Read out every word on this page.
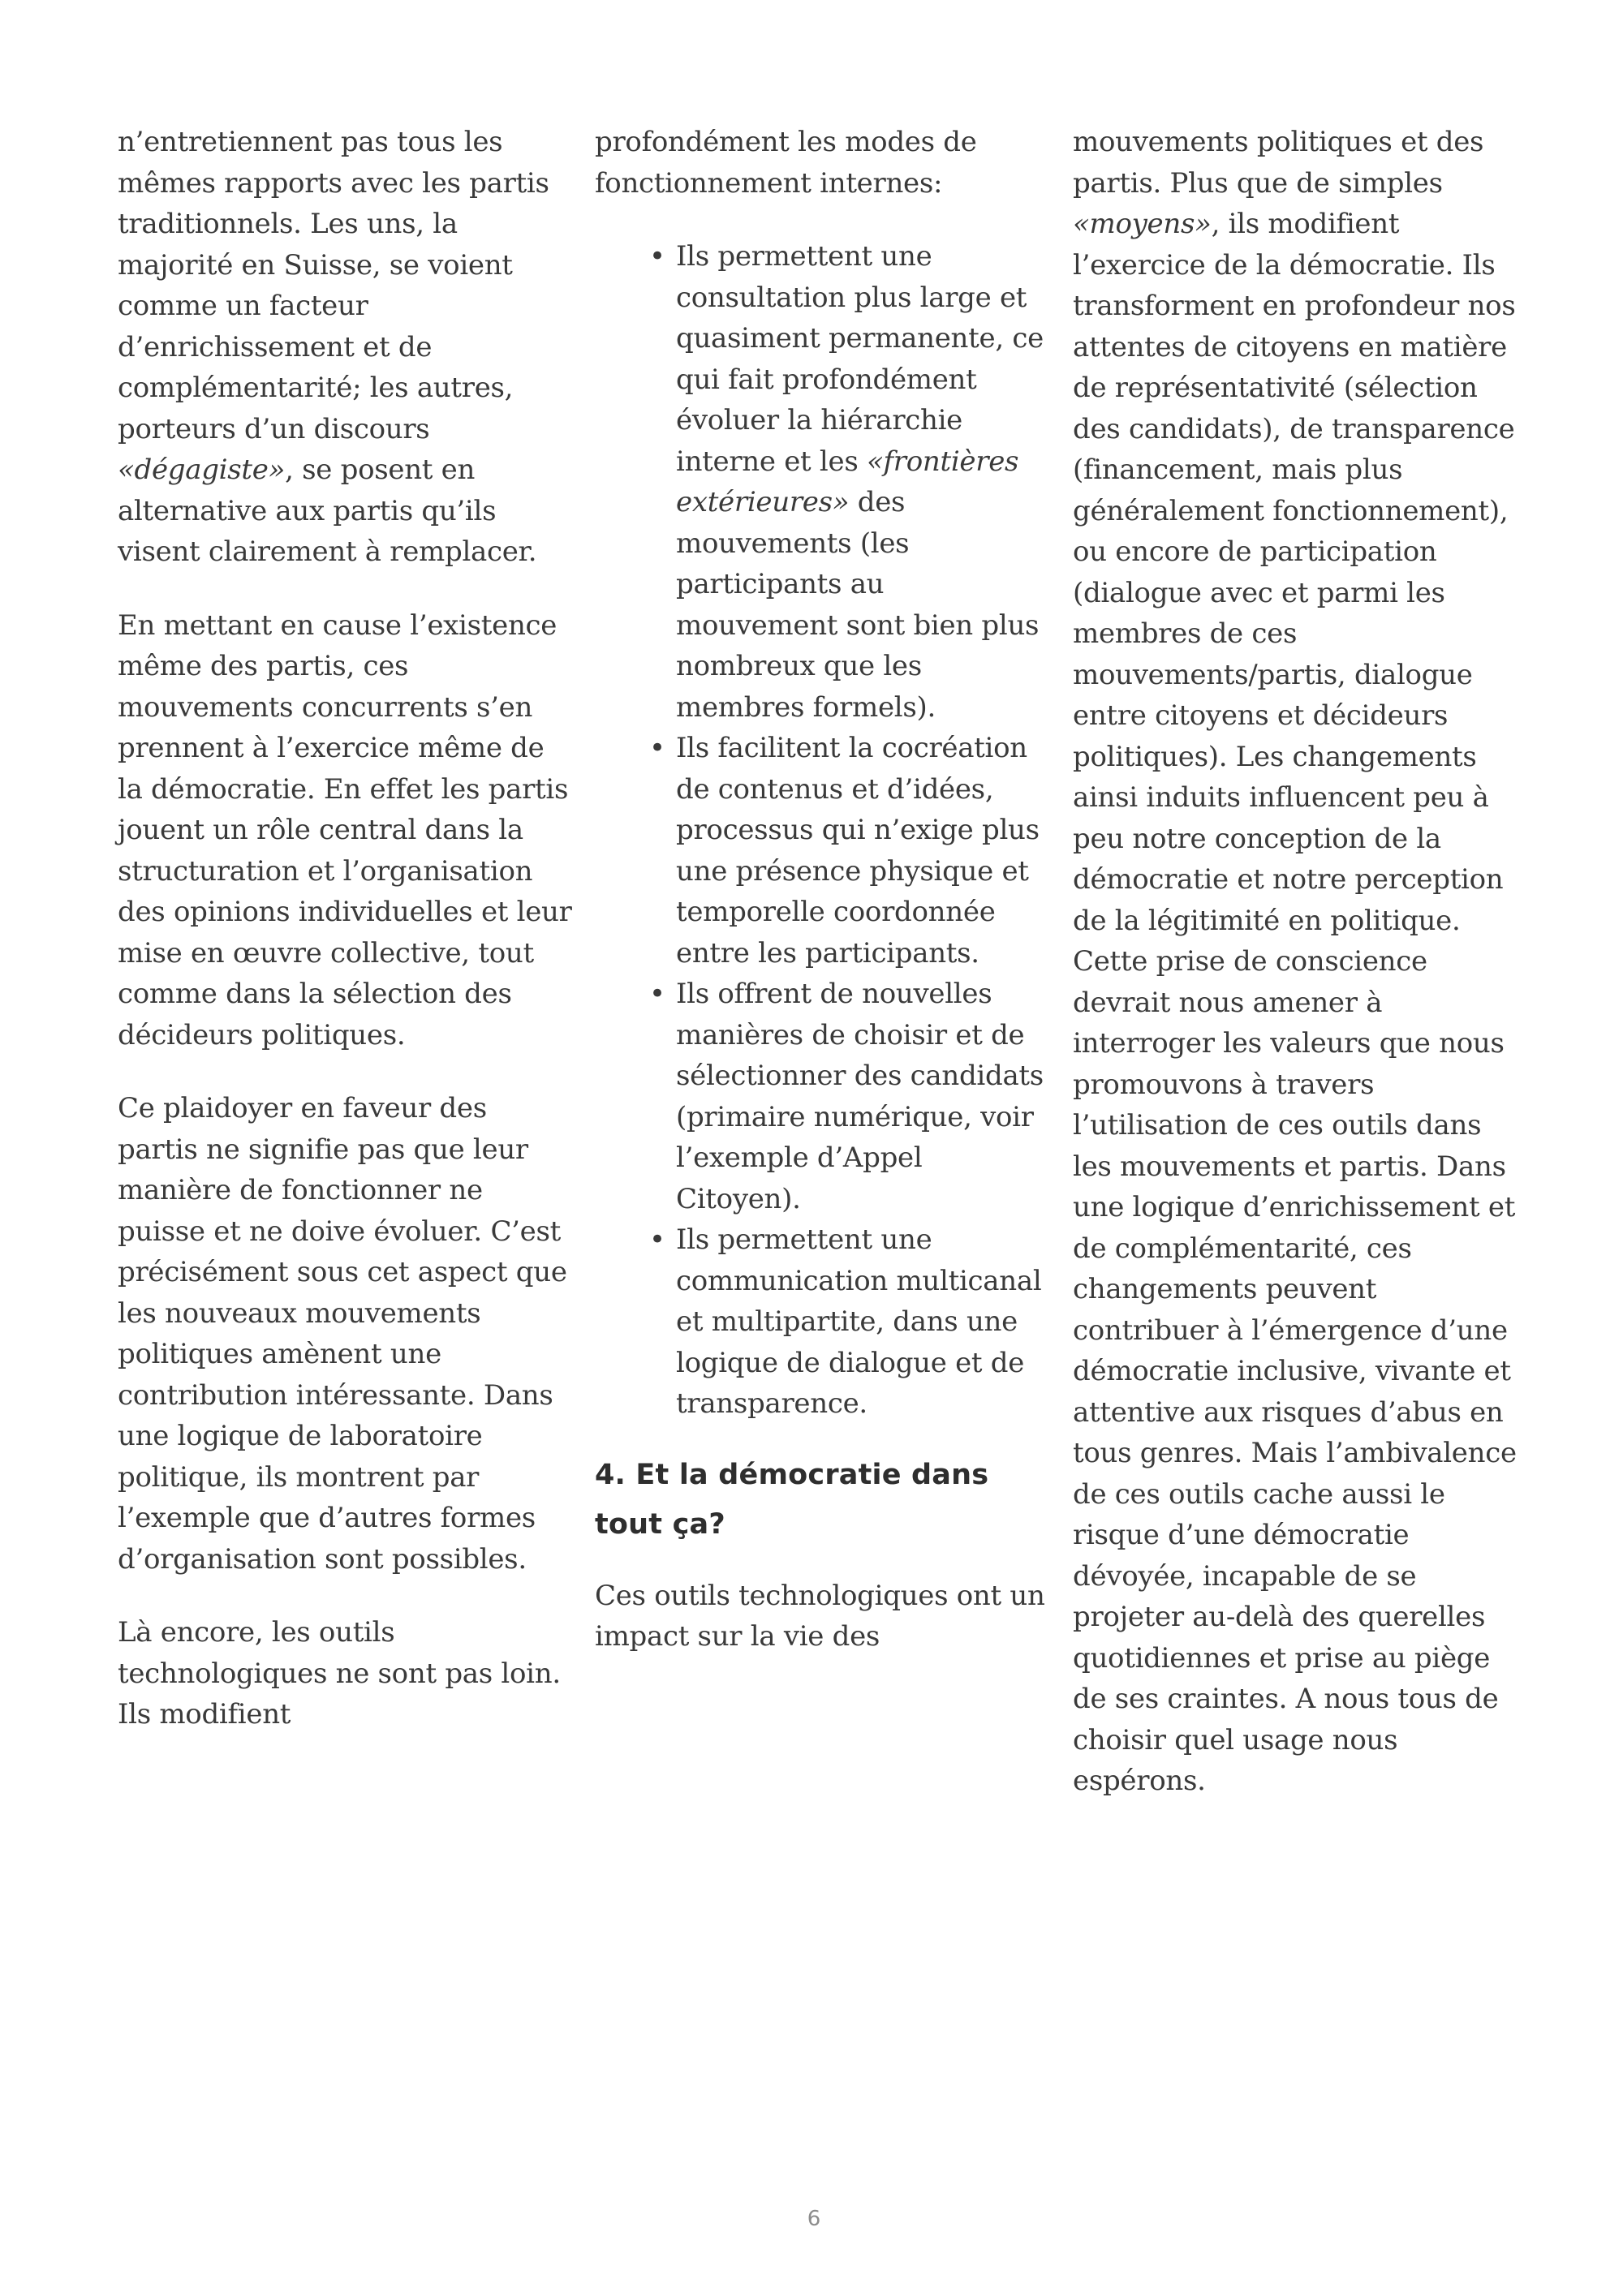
n’entretiennent pas tous les mêmes rapports avec les partis traditionnels. Les uns, la majorité en Suisse, se voient comme un facteur d’enrichissement et de complémentarité; les autres, porteurs d’un discours «dégagiste», se posent en alternative aux partis qu’ils visent clairement à remplacer.

En mettant en cause l’existence même des partis, ces mouvements concurrents s’en prennent à l’exercice même de la démocratie. En effet les partis jouent un rôle central dans la structuration et l’organisation des opinions individuelles et leur mise en œuvre collective, tout comme dans la sélection des décideurs politiques.

Ce plaidoyer en faveur des partis ne signifie pas que leur manière de fonctionner ne puisse et ne doive évoluer. C’est précisément sous cet aspect que les nouveaux mouvements politiques amènent une contribution intéressante. Dans une logique de laboratoire politique, ils montrent par l’exemple que d’autres formes d’organisation sont possibles.

Là encore, les outils technologiques ne sont pas loin. Ils modifient

profondément les modes de fonctionnement internes:

• Ils permettent une consultation plus large et quasiment permanente, ce qui fait profondément évoluer la hiérarchie interne et les «frontières extérieures» des mouvements (les participants au mouvement sont bien plus nombreux que les membres formels).
• Ils facilitent la cocréation de contenus et d’idées, processus qui n’exige plus une présence physique et temporelle coordonnée entre les participants.
• Ils offrent de nouvelles manières de choisir et de sélectionner des candidats (primaire numérique, voir l’exemple d’Appel Citoyen).
• Ils permettent une communication multicanal et multipartite, dans une logique de dialogue et de transparence.
4. Et la démocratie dans tout ça?

Ces outils technologiques ont un impact sur la vie des

mouvements politiques et des partis. Plus que de simples «moyens», ils modifient l’exercice de la démocratie. Ils transforment en profondeur nos attentes de citoyens en matière de représentativité (sélection des candidats), de transparence (financement, mais plus généralement fonctionnement), ou encore de participation (dialogue avec et parmi les membres de ces mouvements/partis, dialogue entre citoyens et décideurs politiques). Les changements ainsi induits influencent peu à peu notre conception de la démocratie et notre perception de la légitimité en politique. Cette prise de conscience devrait nous amener à interroger les valeurs que nous promouvons à travers l’utilisation de ces outils dans les mouvements et partis. Dans une logique d’enrichissement et de complémentarité, ces changements peuvent contribuer à l’émergence d’une démocratie inclusive, vivante et attentive aux risques d’abus en tous genres. Mais l’ambivalence de ces outils cache aussi le risque d’une démocratie dévoyée, incapable de se projeter au-delà des querelles quotidiennes et prise au piège de ses craintes. A nous tous de choisir quel usage nous espérons.

6
